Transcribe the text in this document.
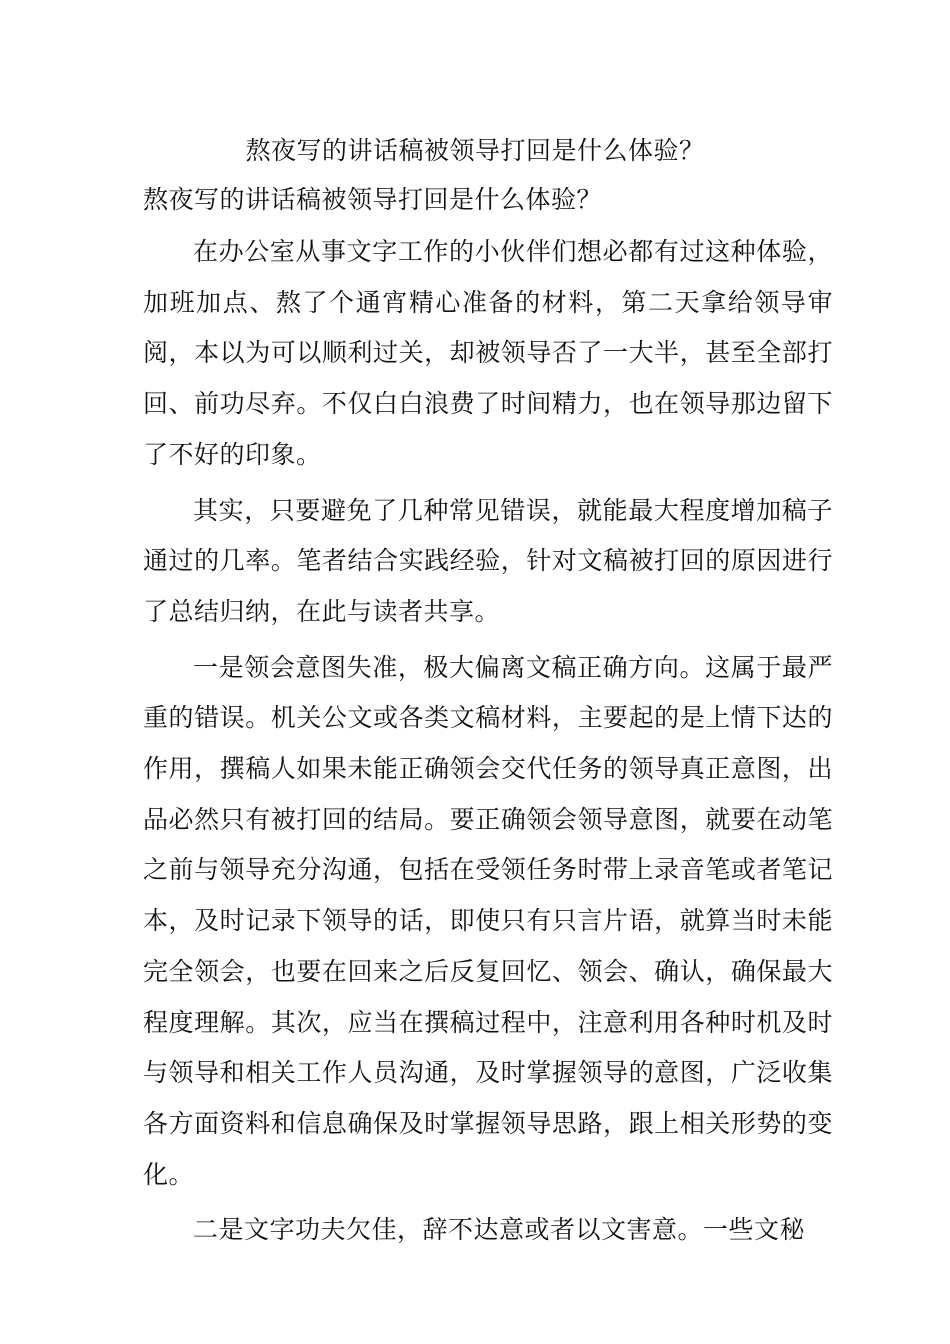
熬夜写的讲话稿被领导打回是什么体验？

熬夜写的讲话稿被领导打回是什么体验？

在办公室从事文字工作的小伙伴们想必都有过这种体验，加班加点、熬了个通宵精心准备的材料，第二天拿给领导审阅，本以为可以顺利过关，却被领导否了一大半，甚至全部打回、前功尽弃。不仅白白浪费了时间精力，也在领导那边留下了不好的印象。

其实，只要避免了几种常见错误，就能最大程度增加稿子通过的几率。笔者结合实践经验，针对文稿被打回的原因进行了总结归纳，在此与读者共享。

一是领会意图失准，极大偏离文稿正确方向。这属于最严重的错误。机关公文或各类文稿材料，主要起的是上情下达的作用，撰稿人如果未能正确领会交代任务的领导真正意图，出品必然只有被打回的结局。要正确领会领导意图，就要在动笔之前与领导充分沟通，包括在受领任务时带上录音笔或者笔记本，及时记录下领导的话，即使只有只言片语，就算当时未能完全领会，也要在回来之后反复回忆、领会、确认，确保最大程度理解。其次，应当在撰稿过程中，注意利用各种时机及时与领导和相关工作人员沟通，及时掌握领导的意图，广泛收集各方面资料和信息确保及时掌握领导思路，跟上相关形势的变化。

二是文字功夫欠佳，辞不达意或者以文害意。一些文秘
